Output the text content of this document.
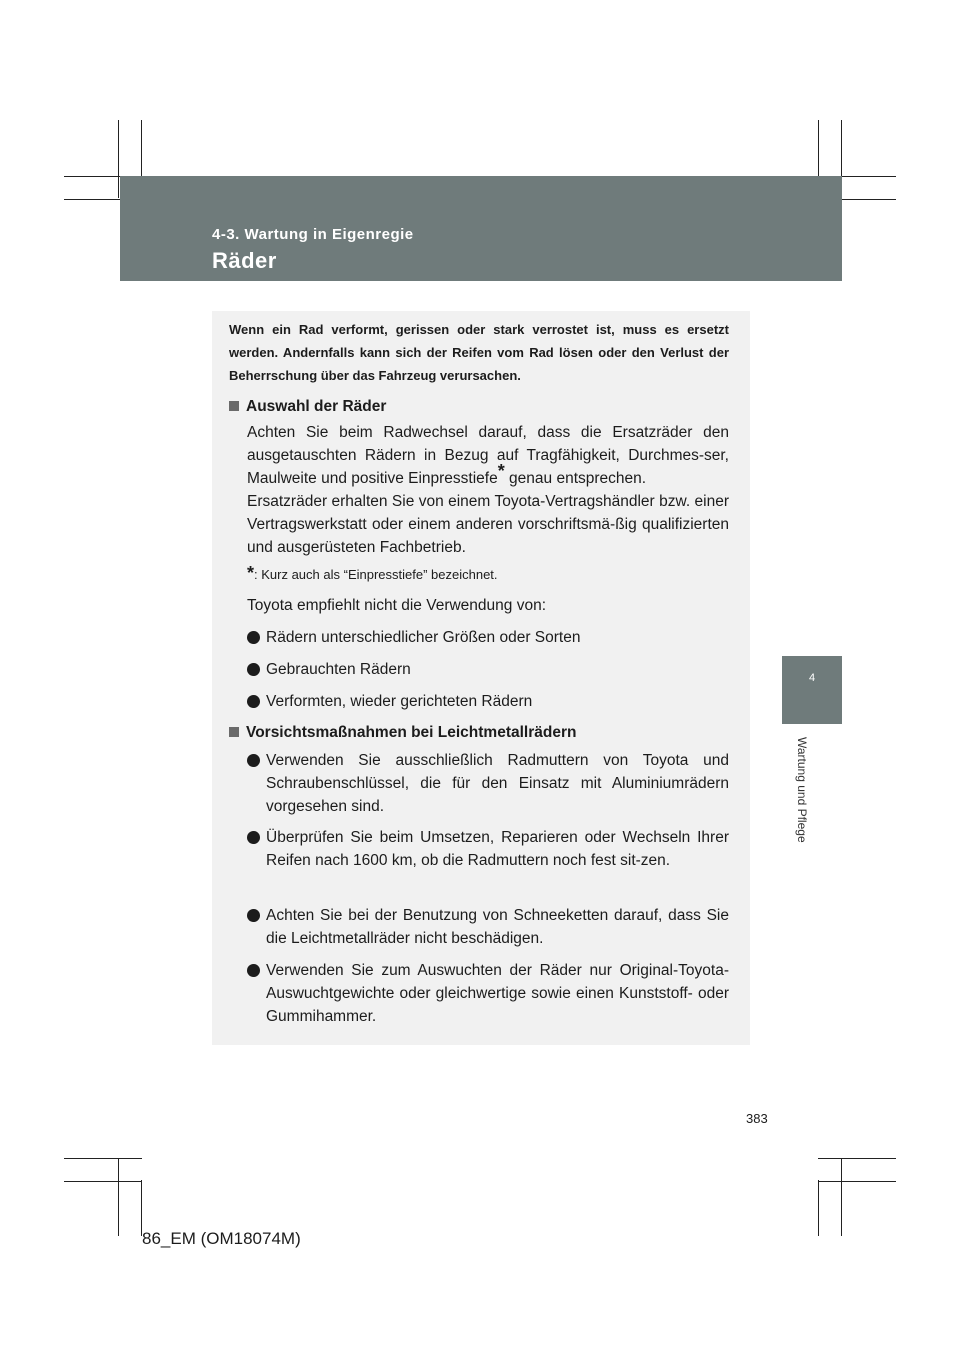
4-3. Wartung in Eigenregie
Räder
4
Wartung und Pflege
Wenn ein Rad verformt, gerissen oder stark verrostet ist, muss es ersetzt werden. Andernfalls kann sich der Reifen vom Rad lösen oder den Verlust der Beherrschung über das Fahrzeug verursachen.
Auswahl der Räder
Achten Sie beim Radwechsel darauf, dass die Ersatzräder den ausgetauschten Rädern in Bezug auf Tragfähigkeit, Durchmes-ser, Maulweite und positive Einpresstiefe* genau entsprechen.
Ersatzräder erhalten Sie von einem Toyota-Vertragshändler bzw. einer Vertragswerkstatt oder einem anderen vorschriftsmä-ßig qualifizierten und ausgerüsteten Fachbetrieb.
*: Kurz auch als “Einpresstiefe” bezeichnet.
Toyota empfiehlt nicht die Verwendung von:
Rädern unterschiedlicher Größen oder Sorten
Gebrauchten Rädern
Verformten, wieder gerichteten Rädern
Vorsichtsmaßnahmen bei Leichtmetallrädern
Verwenden Sie ausschließlich Radmuttern von Toyota und Schraubenschlüssel, die für den Einsatz mit Aluminiumrädern vorgesehen sind.
Überprüfen Sie beim Umsetzen, Reparieren oder Wechseln Ihrer Reifen nach 1600 km, ob die Radmuttern noch fest sit-zen.
Achten Sie bei der Benutzung von Schneeketten darauf, dass Sie die Leichtmetallräder nicht beschädigen.
Verwenden Sie zum Auswuchten der Räder nur Original-Toyota-Auswuchtgewichte oder gleichwertige sowie einen Kunststoff- oder Gummihammer.
383
86_EM (OM18074M)
